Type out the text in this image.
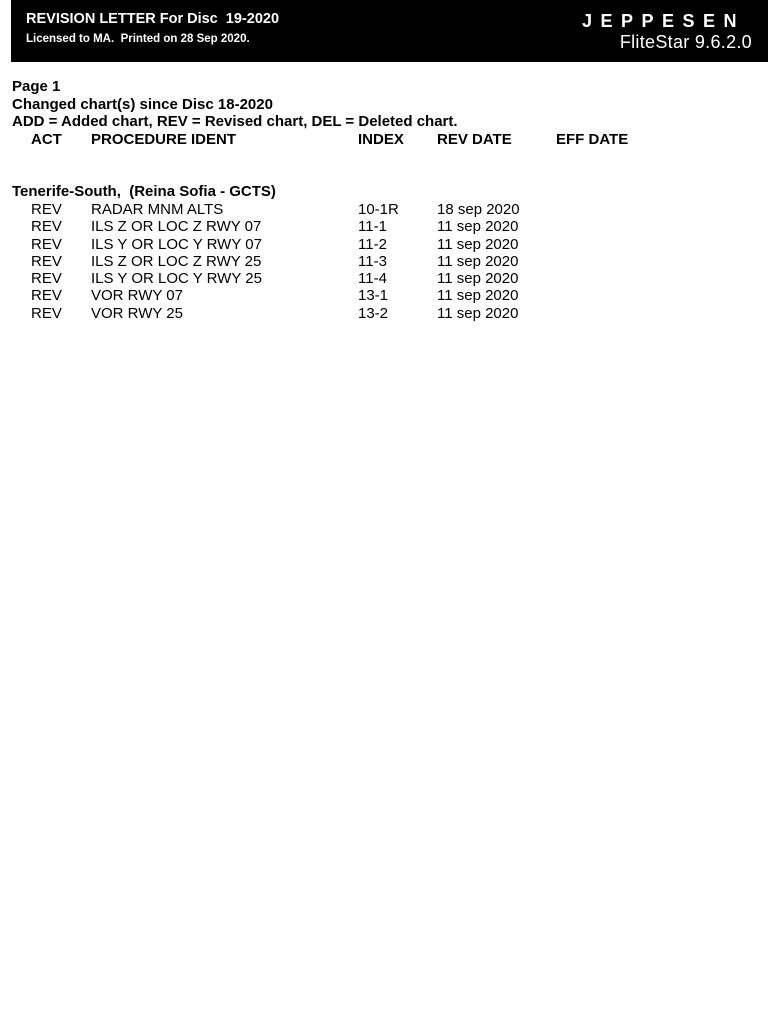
REVISION LETTER For Disc  19-2020
Licensed to MA.  Printed on 28 Sep 2020.
JEPPESEN
FliteStar 9.6.2.0
Page 1
Changed chart(s) since Disc 18-2020
ADD = Added chart, REV = Revised chart, DEL = Deleted chart.
ACT PROCEDURE IDENT	INDEX REV DATE	EFF DATE
Tenerife-South,  (Reina Sofia - GCTS)
REV RADAR MNM ALTS	10-1R	18 sep 2020
REV ILS Z OR LOC Z RWY 07	11-1	11 sep 2020
REV ILS Y OR LOC Y RWY 07	11-2	11 sep 2020
REV ILS Z OR LOC Z RWY 25	11-3	11 sep 2020
REV ILS Y OR LOC Y RWY 25	11-4	11 sep 2020
REV VOR RWY 07	13-1	11 sep 2020
REV VOR RWY 25	13-2	11 sep 2020
